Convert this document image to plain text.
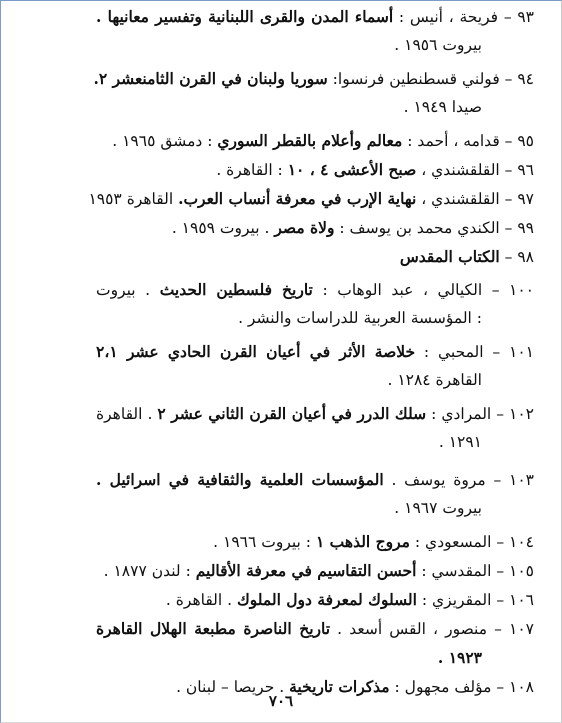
٩٣ – فريحة ، أنيس : أسماء المدن والقرى اللبنانية وتفسير معانيها .
بيروت ١٩٥٦ .
٩٤ – فولني قسطنطين فرنسوا: سوريا ولبنان في القرن الثامنعشر ٢.
صيدا ١٩٤٩ .
٩٥ – قدامه ، أحمد : معالم وأعلام بالقطر السوري : دمشق ١٩٦٥ .
٩٦ – القلقشندي ، صبح الأعشى ٤ ، ١٠ : القاهرة .
٩٧ – القلقشندي ، نهاية الإرب في معرفة أنساب العرب. القاهرة ١٩٥٣
٩٩ – الكندي محمد بن يوسف : ولاة مصر . بيروت ١٩٥٩ .
٩٨ – الكتاب المقدس
١٠٠ – الكيالي ، عبد الوهاب : تاريخ فلسطين الحديث . بيروت
: المؤسسة العربية للدراسات والنشر .
١٠١ – المحبي : خلاصة الأثر في أعيان القرن الحادي عشر ٢،١
القاهرة ١٢٨٤ .
١٠٢ – المرادي : سلك الدرر في أعيان القرن الثاني عشر ٢ . القاهرة
١٢٩١ .
١٠٣ – مروة يوسف . المؤسسات العلمية والثقافية في اسرائيل .
بيروت ١٩٦٧ .
١٠٤ – المسعودي : مروج الذهب ١ : بيروت ١٩٦٦ .
١٠٥ – المقدسي : أحسن التقاسيم في معرفة الأقاليم : لندن ١٨٧٧ .
١٠٦ – المقريزي : السلوك لمعرفة دول الملوك . القاهرة .
١٠٧ – منصور ، القس أسعد . تاريخ الناصرة مطبعة الهلال القاهرة
١٩٢٣ .
١٠٨ – مؤلف مجهول : مذكرات تاريخية . حريصا – لبنان .
٧٠٦
